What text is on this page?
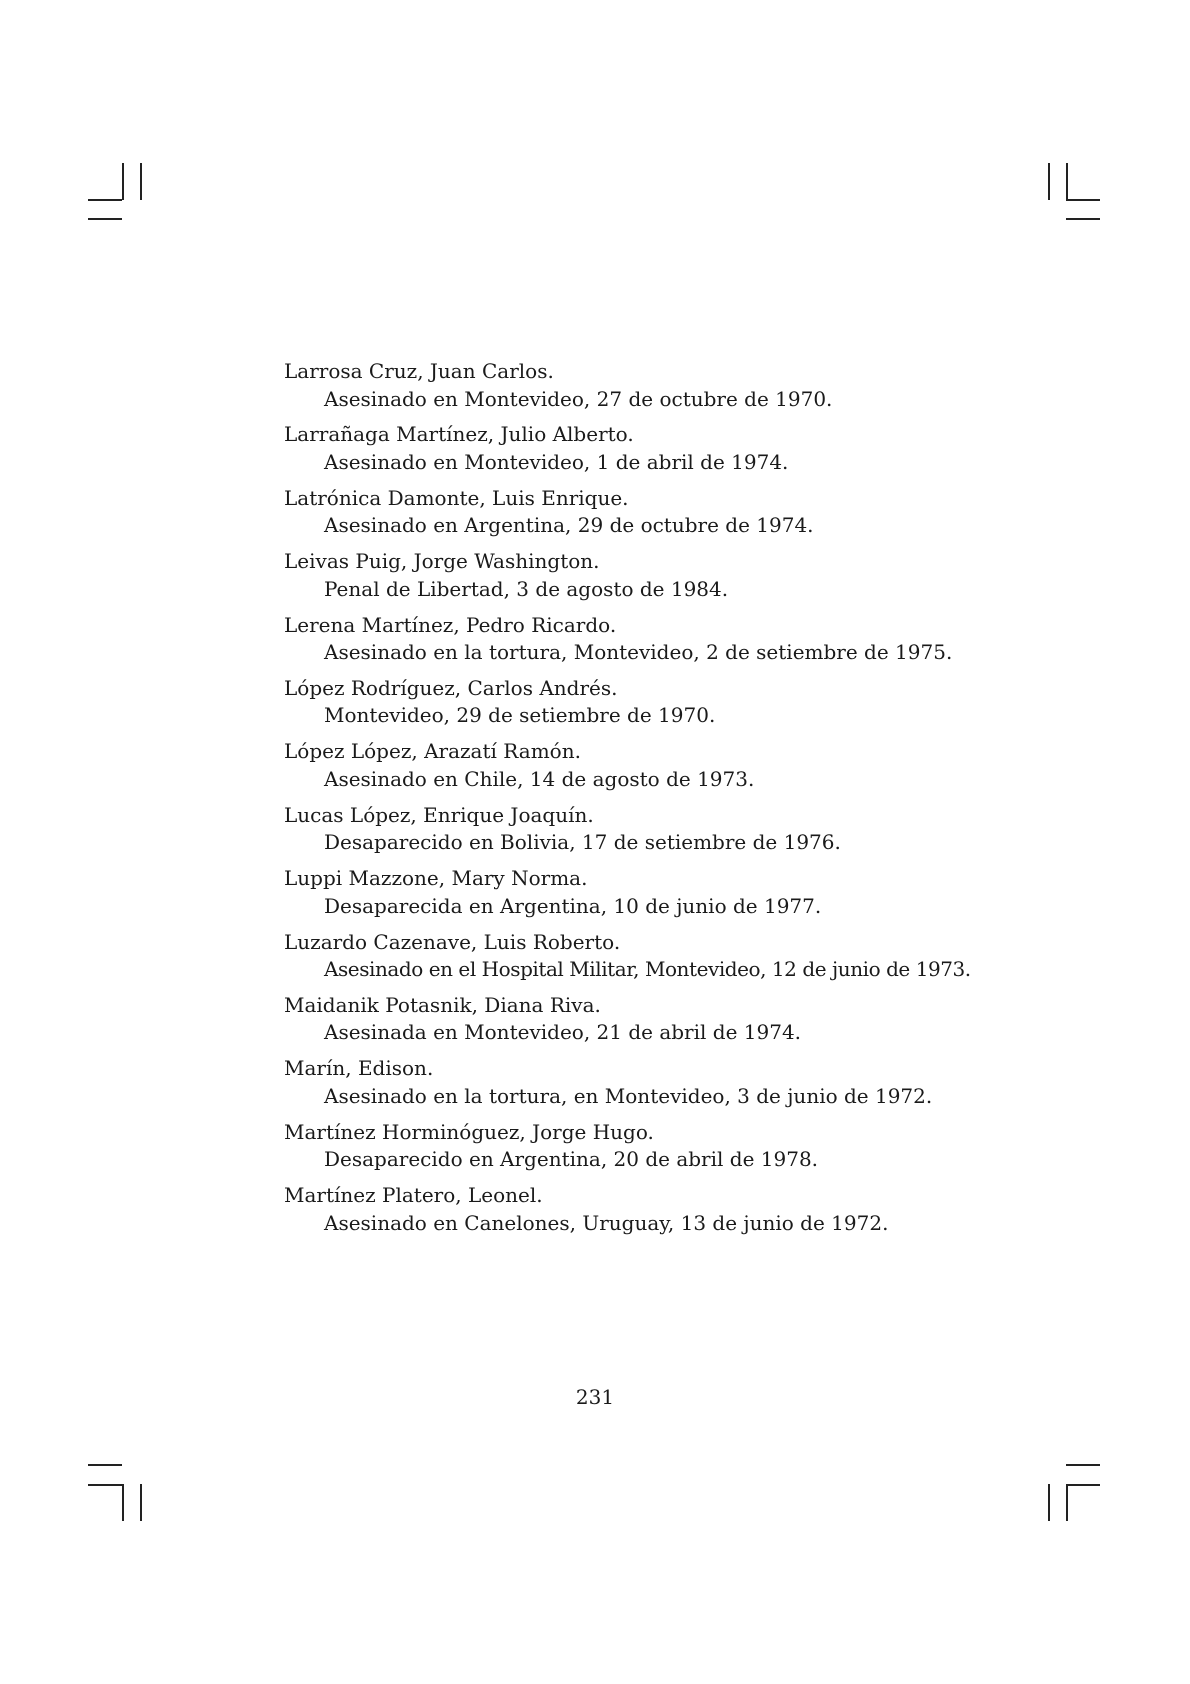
Larrosa Cruz, Juan Carlos.
Asesinado en Montevideo, 27 de octubre de 1970.
Larrañaga Martínez, Julio Alberto.
Asesinado en Montevideo, 1 de abril de 1974.
Latrónica Damonte, Luis Enrique.
Asesinado en Argentina, 29 de octubre de 1974.
Leivas Puig, Jorge Washington.
Penal de Libertad, 3 de agosto de 1984.
Lerena Martínez, Pedro Ricardo.
Asesinado en la tortura, Montevideo, 2 de setiembre de 1975.
López Rodríguez, Carlos Andrés.
Montevideo, 29 de setiembre de 1970.
López López, Arazatí Ramón.
Asesinado en Chile, 14 de agosto de 1973.
Lucas López, Enrique Joaquín.
Desaparecido en Bolivia, 17 de setiembre de 1976.
Luppi Mazzone, Mary Norma.
Desaparecida en Argentina, 10 de junio de 1977.
Luzardo Cazenave, Luis Roberto.
Asesinado en el Hospital Militar, Montevideo, 12 de junio de 1973.
Maidanik Potasnik, Diana Riva.
Asesinada en Montevideo, 21 de abril de 1974.
Marín, Edison.
Asesinado en la tortura, en Montevideo, 3 de junio de 1972.
Martínez Horminóguez, Jorge Hugo.
Desaparecido en Argentina, 20 de abril de 1978.
Martínez Platero, Leonel.
Asesinado en Canelones, Uruguay, 13 de junio de 1972.
231
